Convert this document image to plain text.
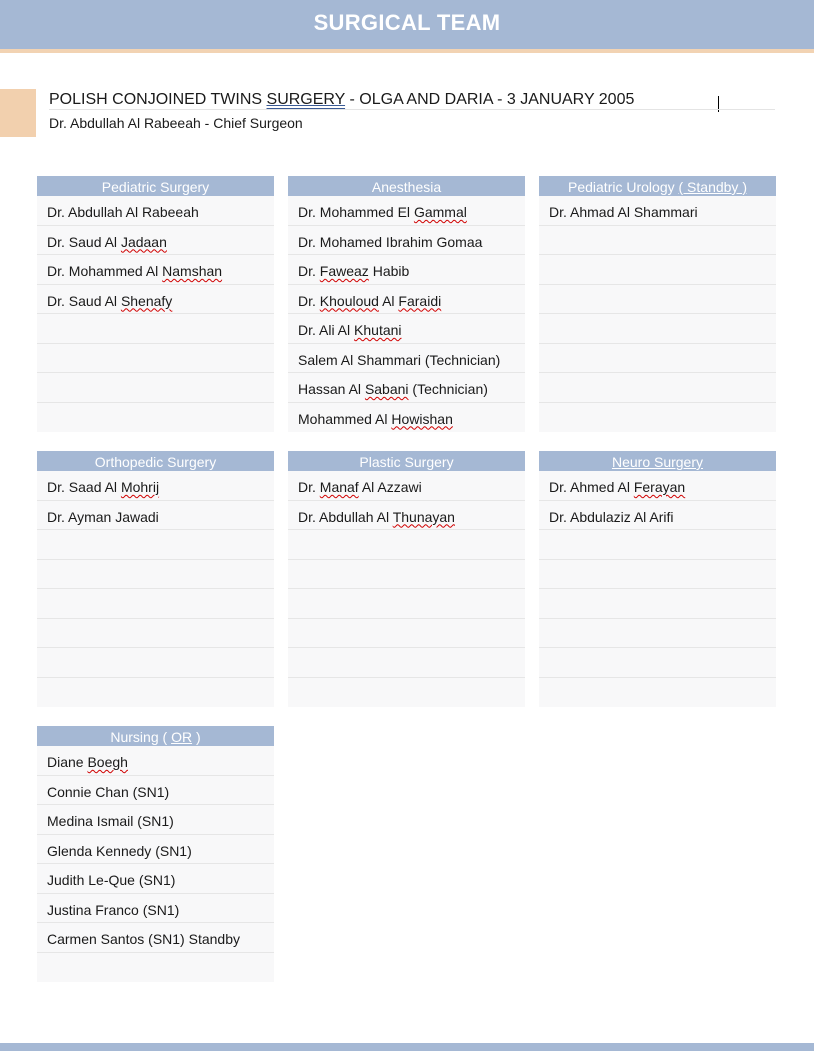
SURGICAL TEAM
POLISH CONJOINED TWINS SURGERY - OLGA AND DARIA - 3 JANUARY 2005
Dr. Abdullah Al Rabeeah - Chief Surgeon
Pediatric Surgery
Dr. Abdullah Al Rabeeah
Dr. Saud Al Jadaan
Dr. Mohammed Al Namshan
Dr. Saud Al Shenafy
Anesthesia
Dr. Mohammed El Gammal
Dr. Mohamed Ibrahim Gomaa
Dr. Faweaz Habib
Dr. Khouloud Al Faraidi
Dr. Ali Al Khutani
Salem Al Shammari (Technician)
Hassan Al Sabani (Technician)
Mohammed Al Howishan
Pediatric Urology ( Standby )
Dr. Ahmad Al Shammari
Orthopedic Surgery
Dr. Saad Al Mohrij
Dr. Ayman Jawadi
Plastic Surgery
Dr. Manaf Al Azzawi
Dr. Abdullah Al Thunayan
Neuro Surgery
Dr. Ahmed Al Ferayan
Dr. Abdulaziz Al Arifi
Nursing ( OR )
Diane Boegh
Connie Chan (SN1)
Medina Ismail (SN1)
Glenda Kennedy (SN1)
Judith Le-Que (SN1)
Justina Franco (SN1)
Carmen Santos (SN1) Standby
